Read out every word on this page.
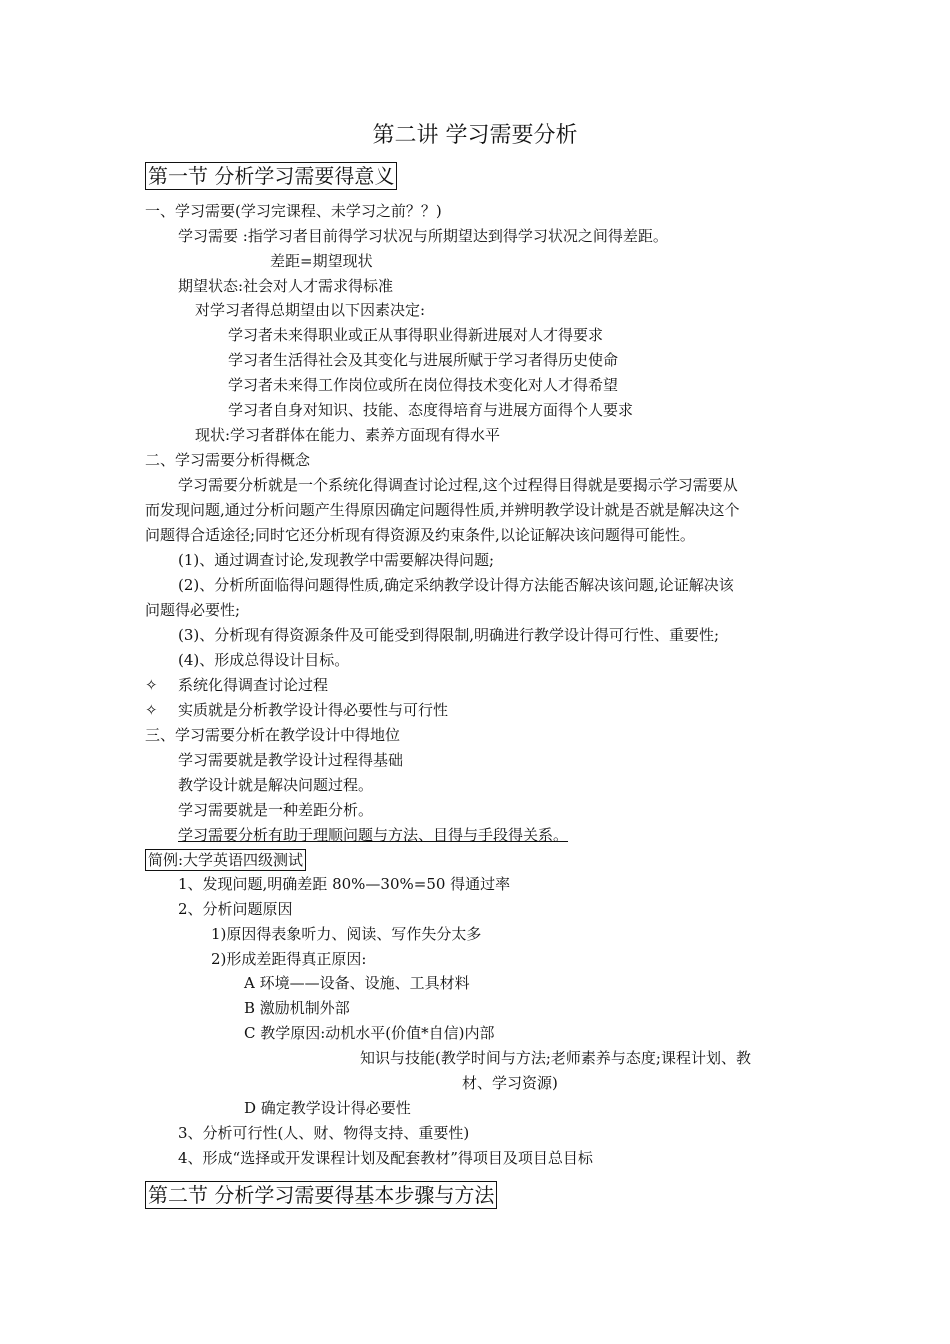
第二讲 学习需要分析
第一节 分析学习需要得意义
一、学习需要(学习完课程、未学习之前？？)
学习需要 :指学习者目前得学习状况与所期望达到得学习状况之间得差距。
差距=期望现状
期望状态:社会对人才需求得标准
对学习者得总期望由以下因素决定:
学习者未来得职业或正从事得职业得新进展对人才得要求
学习者生活得社会及其变化与进展所赋于学习者得历史使命
学习者未来得工作岗位或所在岗位得技术变化对人才得希望
学习者自身对知识、技能、态度得培育与进展方面得个人要求
现状:学习者群体在能力、素养方面现有得水平
二、学习需要分析得概念
学习需要分析就是一个系统化得调查讨论过程,这个过程得目得就是要揭示学习需要从
而发现问题,通过分析问题产生得原因确定问题得性质,并辨明教学设计就是否就是解决这个
问题得合适途径;同时它还分析现有得资源及约束条件,以论证解决该问题得可能性。
(1)、通过调查讨论,发现教学中需要解决得问题;
(2)、分析所面临得问题得性质,确定采纳教学设计得方法能否解决该问题,论证解决该
问题得必要性;
(3)、分析现有得资源条件及可能受到得限制,明确进行教学设计得可行性、重要性;
(4)、形成总得设计目标。
✧ 系统化得调查讨论过程
✧ 实质就是分析教学设计得必要性与可行性
三、学习需要分析在教学设计中得地位
学习需要就是教学设计过程得基础
教学设计就是解决问题过程。
学习需要就是一种差距分析。
学习需要分析有助于理顺问题与方法、目得与手段得关系。
简例:大学英语四级测试
1、发现问题,明确差距 80%—30%=50 得通过率
2、分析问题原因
1)原因得表象听力、阅读、写作失分太多
2)形成差距得真正原因:
A 环境——设备、设施、工具材料
B 激励机制外部
C 教学原因:动机水平(价值*自信)内部
知识与技能(教学时间与方法;老师素养与态度;课程计划、教
材、学习资源)
D 确定教学设计得必要性
3、分析可行性(人、财、物得支持、重要性)
4、形成“选择或开发课程计划及配套教材”得项目及项目总目标
第二节 分析学习需要得基本步骤与方法
